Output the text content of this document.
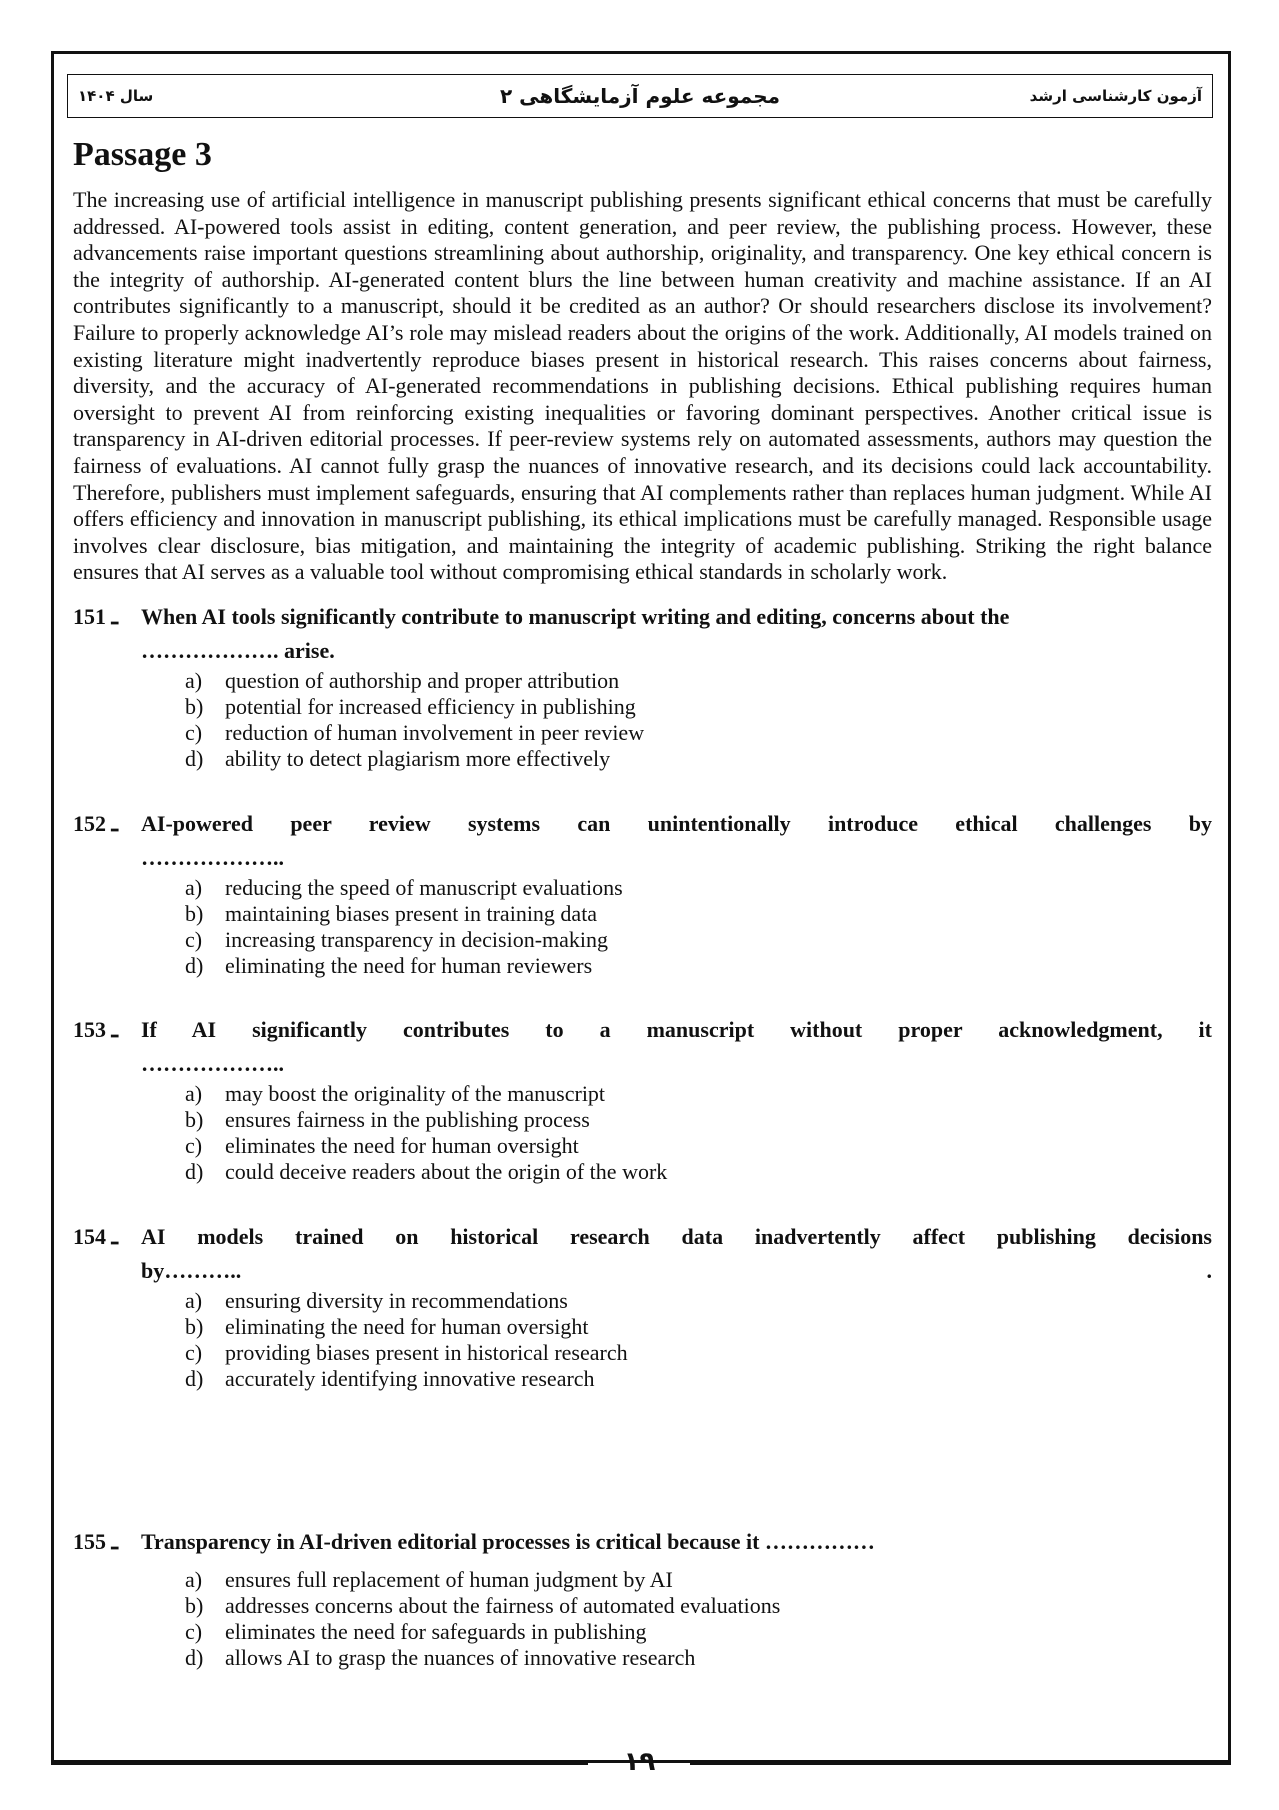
سال ۱۴۰۴	مجموعه علوم آزمایشگاهی ۲	آزمون کارشناسی ارشد
Passage 3

The increasing use of artificial intelligence in manuscript publishing presents significant ethical concerns that must be carefully addressed. AI-powered tools assist in editing, content generation, and peer review, the publishing process. However, these advancements raise important questions streamlining about authorship, originality, and transparency. One key ethical concern is the integrity of authorship. AI-generated content blurs the line between human creativity and machine assistance. If an AI contributes significantly to a manuscript, should it be credited as an author? Or should researchers disclose its involvement? Failure to properly acknowledge AI’s role may mislead readers about the origins of the work. Additionally, AI models trained on existing literature might inadvertently reproduce biases present in historical research. This raises concerns about fairness, diversity, and the accuracy of AI-generated recommendations in publishing decisions. Ethical publishing requires human oversight to prevent AI from reinforcing existing inequalities or favoring dominant perspectives. Another critical issue is transparency in AI-driven editorial processes. If peer-review systems rely on automated assessments, authors may question the fairness of evaluations. AI cannot fully grasp the nuances of innovative research, and its decisions could lack accountability. Therefore, publishers must implement safeguards, ensuring that AI complements rather than replaces human judgment. While AI offers efficiency and innovation in manuscript publishing, its ethical implications must be carefully managed. Responsible usage involves clear disclosure, bias mitigation, and maintaining the integrity of academic publishing. Striking the right balance ensures that AI serves as a valuable tool without compromising ethical standards in scholarly work.

151 ـ When AI tools significantly contribute to manuscript writing and editing, concerns about the
………………. arise.

a) question of authorship and proper attribution
b) potential for increased efficiency in publishing
c) reduction of human involvement in peer review
d) ability to detect plagiarism more effectively

152 ـ AI-powered peer review systems can unintentionally introduce ethical challenges by
………………..

a) reducing the speed of manuscript evaluations
b) maintaining biases present in training data
c) increasing transparency in decision-making
d) eliminating the need for human reviewers

153 ـ If AI significantly contributes to a manuscript without proper acknowledgment, it
………………..

a) may boost the originality of the manuscript
b) ensures fairness in the publishing process
c) eliminates the need for human oversight
d) could deceive readers about the origin of the work

154 ـ AI models trained on historical research data inadvertently affect publishing decisions
by……….. .

a) ensuring diversity in recommendations
b) eliminating the need for human oversight
c) providing biases present in historical research
d) accurately identifying innovative research

155 ـ Transparency in AI-driven editorial processes is critical because it ……………

a) ensures full replacement of human judgment by AI
b) addresses concerns about the fairness of automated evaluations
c) eliminates the need for safeguards in publishing
d) allows AI to grasp the nuances of innovative research
۱۹
